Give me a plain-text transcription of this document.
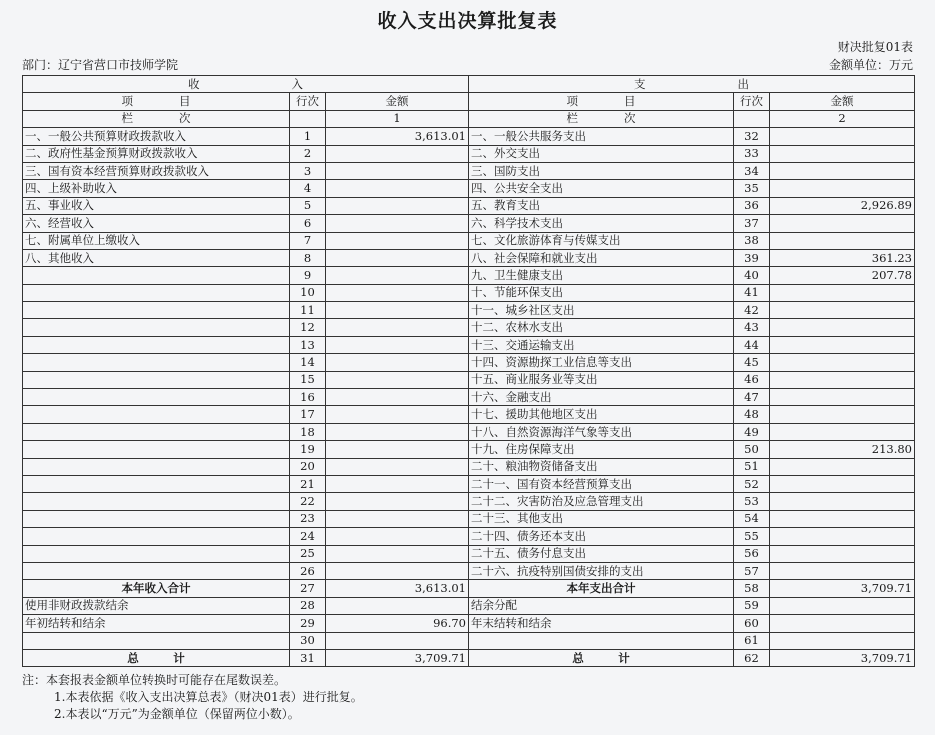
收入支出决算批复表
财决批复01表
部门：辽宁省营口市技师学院	金额单位：万元
收　　　　　　　　入			支　　　　　　　　出		
项　　　　目	行次	金额	项　　　　目	行次	金额
栏　　　　次		1	栏　　　　次		2
一、一般公共预算财政拨款收入	1	3,613.01	一、一般公共服务支出	32	
二、政府性基金预算财政拨款收入	2		二、外交支出	33	
三、国有资本经营预算财政拨款收入	3		三、国防支出	34	
四、上级补助收入	4		四、公共安全支出	35	
五、事业收入	5		五、教育支出	36	2,926.89
六、经营收入	6		六、科学技术支出	37	
七、附属单位上缴收入	7		七、文化旅游体育与传媒支出	38	
八、其他收入	8		八、社会保障和就业支出	39	361.23
	9		九、卫生健康支出	40	207.78
	10		十、节能环保支出	41	
	11		十一、城乡社区支出	42	
	12		十二、农林水支出	43	
	13		十三、交通运输支出	44	
	14		十四、资源勘探工业信息等支出	45	
	15		十五、商业服务业等支出	46	
	16		十六、金融支出	47	
	17		十七、援助其他地区支出	48	
	18		十八、自然资源海洋气象等支出	49	
	19		十九、住房保障支出	50	213.80
	20		二十、粮油物资储备支出	51	
	21		二十一、国有资本经营预算支出	52	
	22		二十二、灾害防治及应急管理支出	53	
	23		二十三、其他支出	54	
	24		二十四、债务还本支出	55	
	25		二十五、债务付息支出	56	
	26		二十六、抗疫特别国债安排的支出	57	
本年收入合计	27	3,613.01	本年支出合计	58	3,709.71
使用非财政拨款结余	28		结余分配	59	
年初结转和结余	29	96.70	年末结转和结余	60	
	30			61	
总　　　计	31	3,709.71	总　　　计	62	3,709.71
注：本套报表金额单位转换时可能存在尾数误差。
1.本表依据《收入支出决算总表》（财决01表）进行批复。
2.本表以“万元”为金额单位（保留两位小数）。
